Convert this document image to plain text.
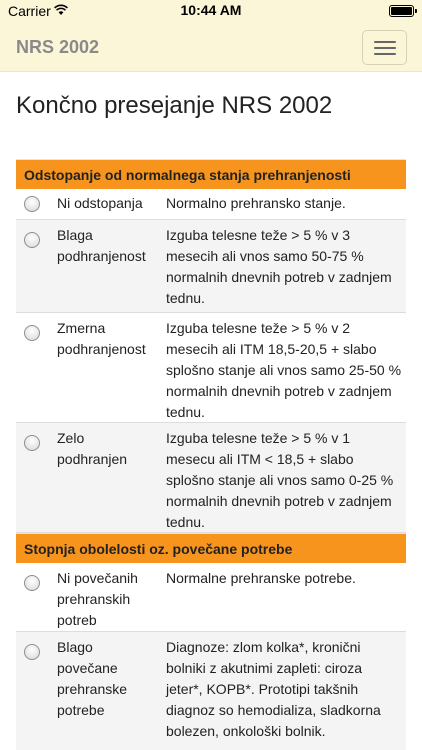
Carrier	10:44 AM
NRS 2002
Končno presejanje NRS 2002
Odstopanje od normalnega stanja prehranjenosti
Ni odstopanja	Normalno prehransko stanje.
Blaga podhranjenost
Izguba telesne teže > 5 % v 3 mesecih ali vnos samo 50-75 % normalnih dnevnih potreb v zadnjem tednu.
Zmerna podhranjenost
Izguba telesne teže > 5 % v 2 mesecih ali ITM 18,5-20,5 + slabo splošno stanje ali vnos samo 25-50 % normalnih dnevnih potreb v zadnjem tednu.
Zelo podhranjen
Izguba telesne teže > 5 % v 1 mesecu ali ITM < 18,5 + slabo splošno stanje ali vnos samo 0-25 % normalnih dnevnih potreb v zadnjem tednu.
Stopnja obolelosti oz. povečane potrebe
Ni povečanih prehranskih potreb
Normalne prehranske potrebe.
Blago povečane prehranske potrebe
Diagnoze: zlom kolka*, kronični bolniki z akutnimi zapleti: ciroza jeter*, KOPB*. Prototipi takšnih diagnoz so hemodializa, sladkorna bolezen, onkološki bolnik.
